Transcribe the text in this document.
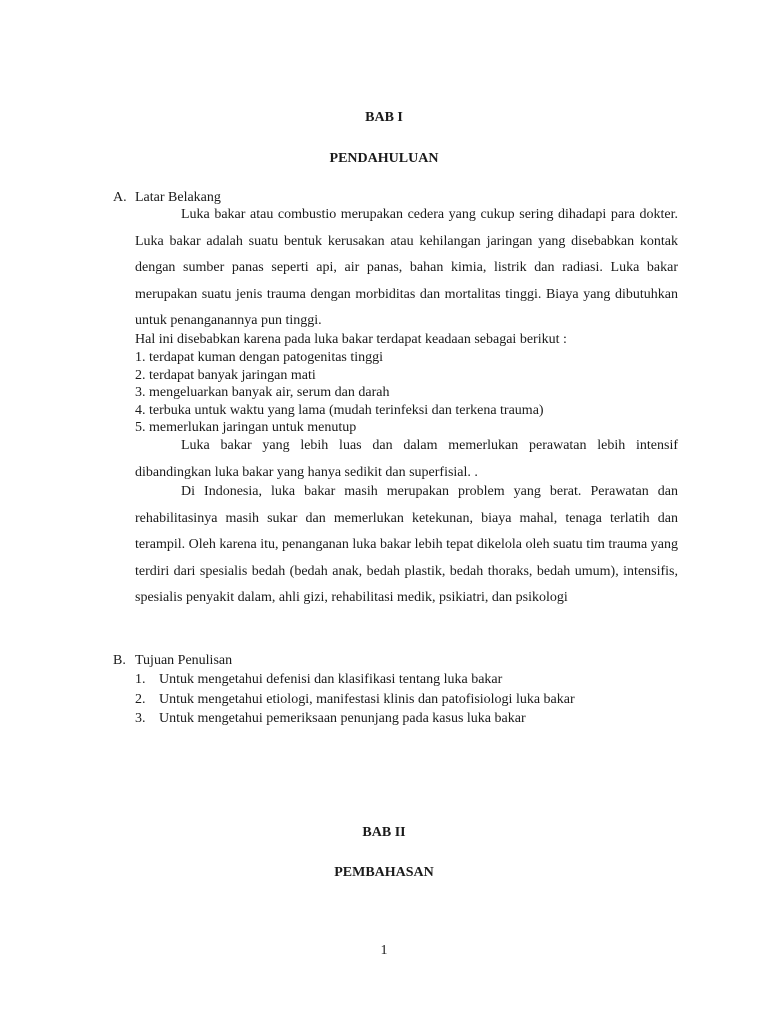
BAB I
PENDAHULUAN
A. Latar Belakang
Luka bakar atau combustio merupakan cedera yang cukup sering dihadapi para dokter. Luka bakar adalah suatu bentuk kerusakan atau kehilangan jaringan yang disebabkan kontak dengan sumber panas seperti api, air panas, bahan kimia, listrik dan radiasi. Luka bakar merupakan suatu jenis trauma dengan morbiditas dan mortalitas tinggi. Biaya yang dibutuhkan untuk penanganannya pun tinggi.
Hal ini disebabkan karena pada luka bakar terdapat keadaan sebagai berikut :
1. terdapat kuman dengan patogenitas tinggi
2. terdapat banyak jaringan mati
3. mengeluarkan banyak air, serum dan darah
4. terbuka untuk waktu yang lama (mudah terinfeksi dan terkena trauma)
5. memerlukan jaringan untuk menutup
Luka bakar yang lebih luas dan dalam memerlukan perawatan lebih intensif dibandingkan luka bakar yang hanya sedikit dan superfisial. .
Di Indonesia, luka bakar masih merupakan problem yang berat. Perawatan dan rehabilitasinya masih sukar dan memerlukan ketekunan, biaya mahal, tenaga terlatih dan terampil. Oleh karena itu, penanganan luka bakar lebih tepat dikelola oleh suatu tim trauma yang terdiri dari spesialis bedah (bedah anak, bedah plastik, bedah thoraks, bedah umum), intensifis, spesialis penyakit dalam, ahli gizi, rehabilitasi medik, psikiatri, dan psikologi
B. Tujuan Penulisan
1. Untuk mengetahui defenisi dan klasifikasi tentang luka bakar
2. Untuk mengetahui etiologi, manifestasi klinis dan patofisiologi luka bakar
3. Untuk mengetahui pemeriksaan penunjang pada kasus luka bakar
BAB II
PEMBAHASAN
1
